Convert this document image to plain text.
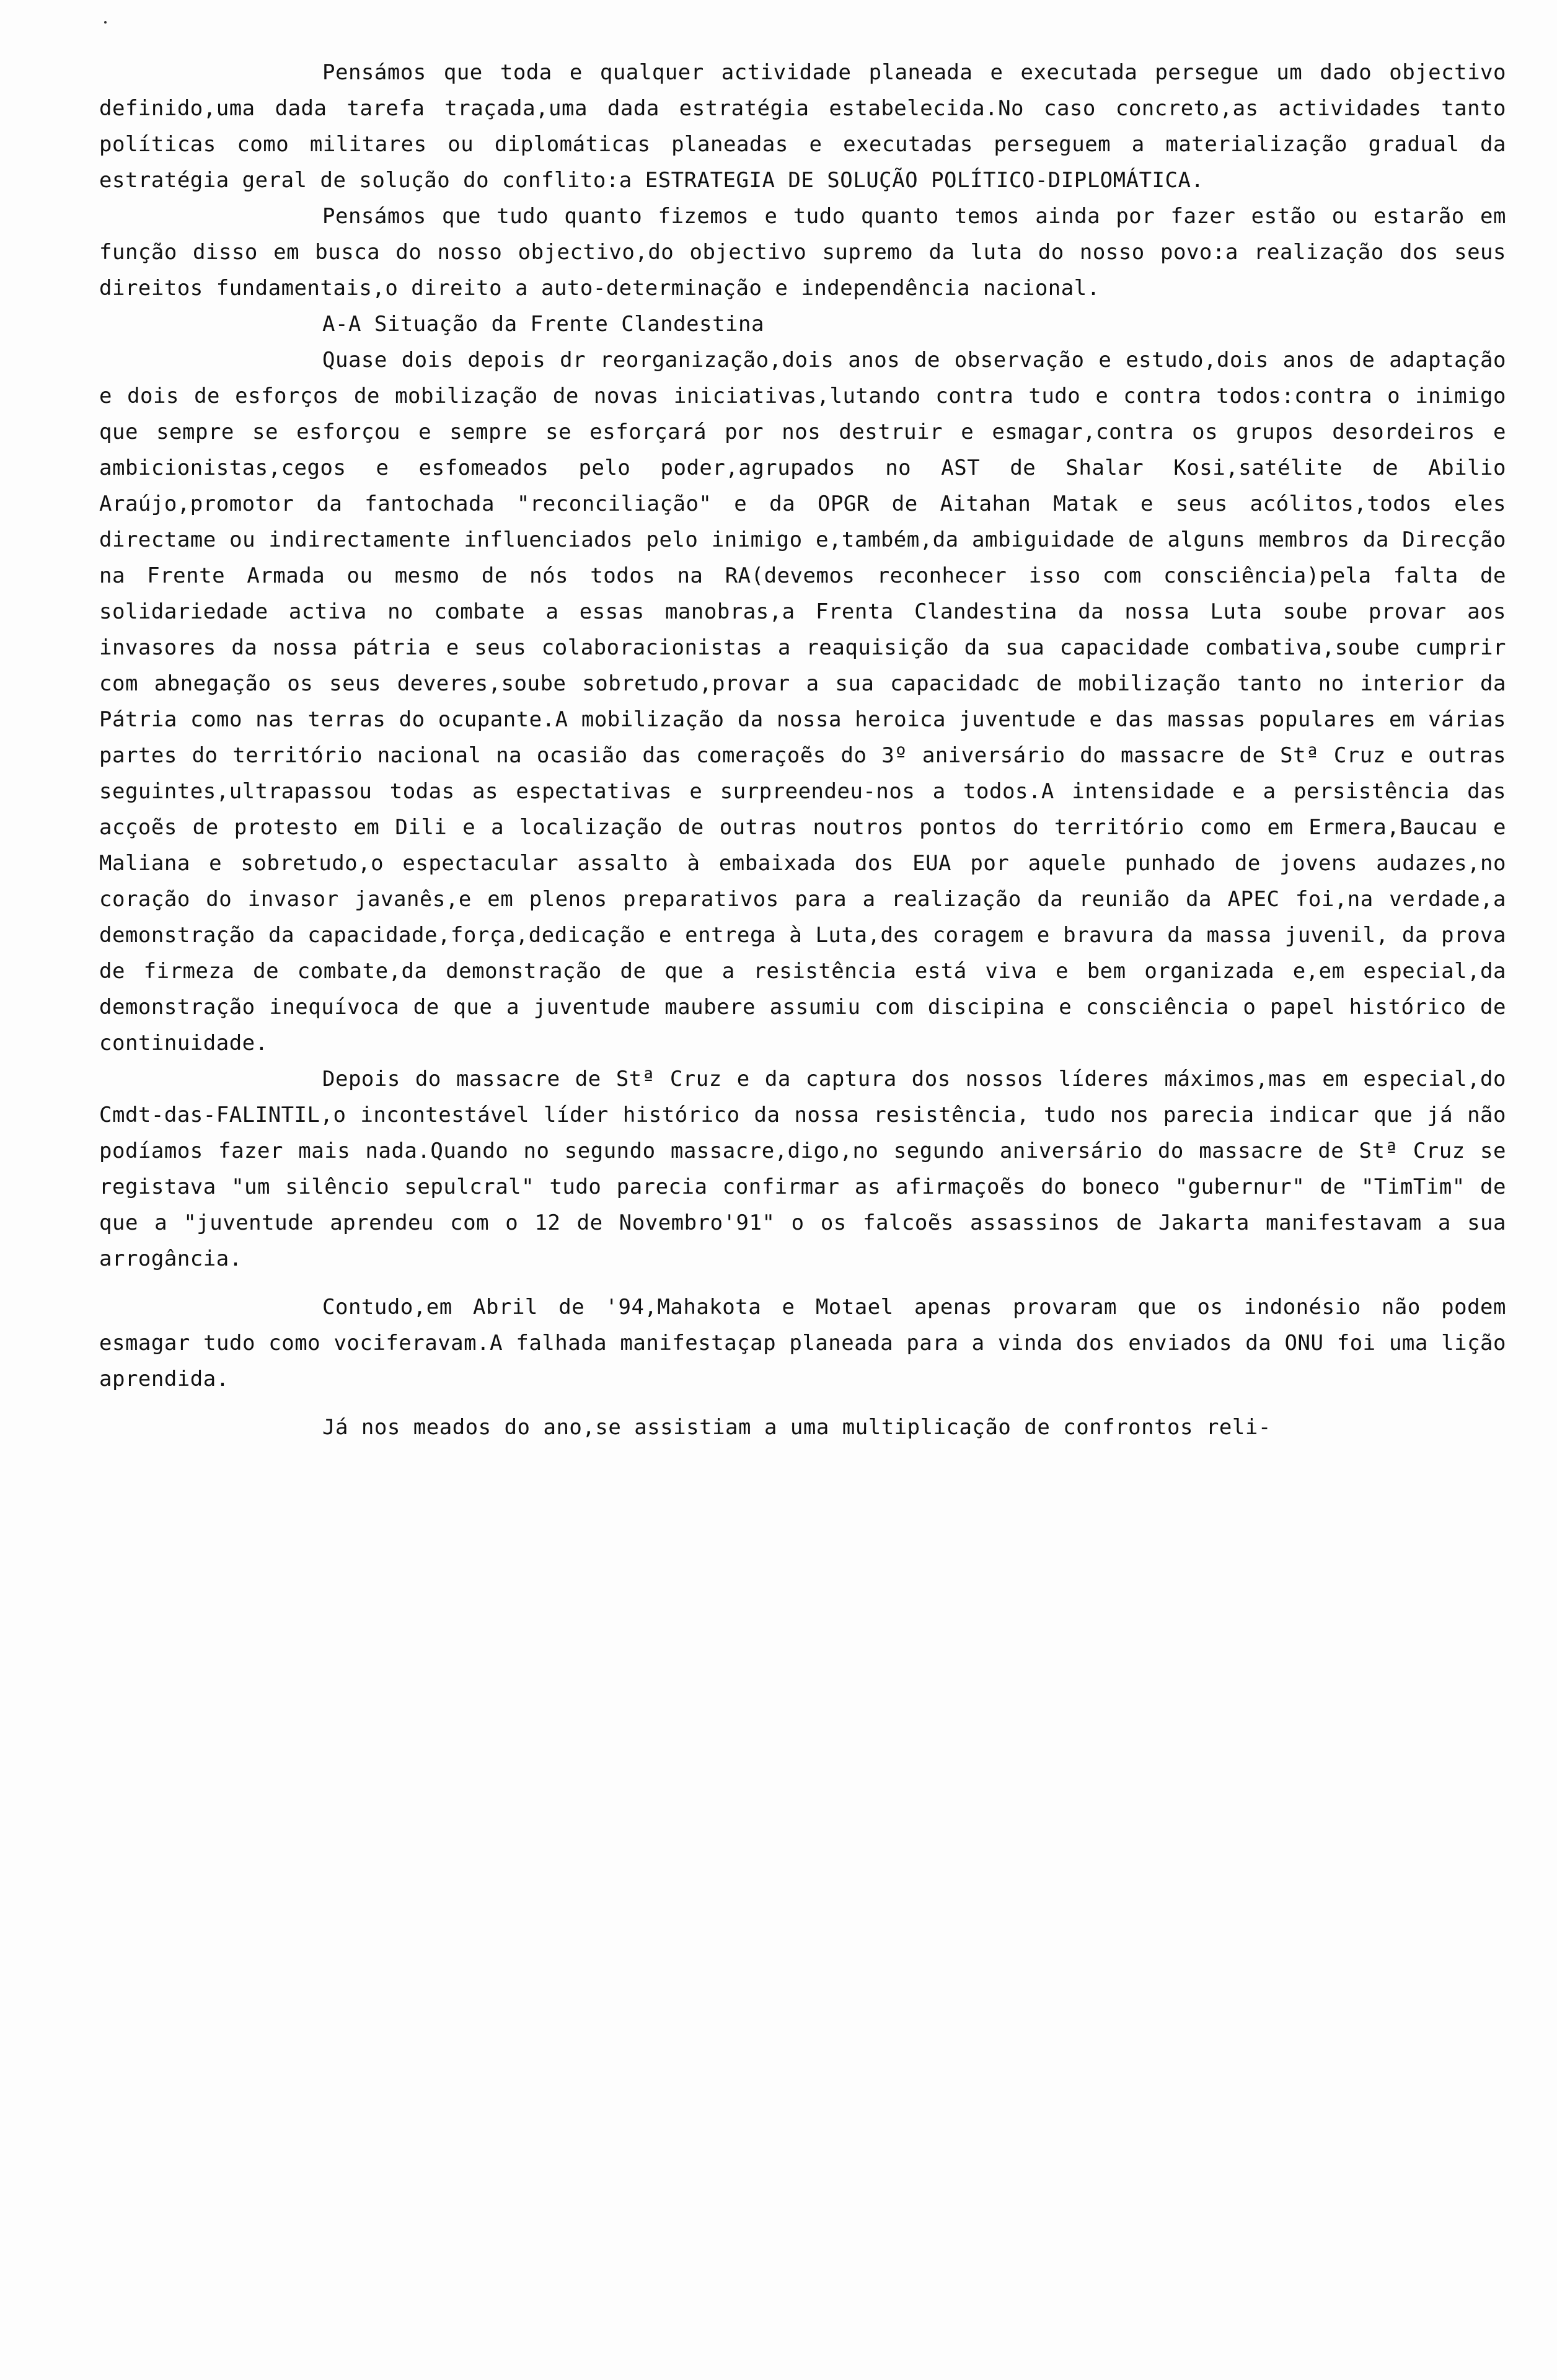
Pensámos que toda e qualquer actividade planeada e executada persegue um dado objectivo definido,uma dada tarefa traçada,uma dada estratégia estabelecida.No caso concreto,as actividades tanto políticas como militares ou diplomáticas planeadas e executadas perseguem a materialização gradual da estratégia geral de solução do conflito:a ESTRATEGIA DE SOLUÇÃO POLÍTICO-DIPLOMÁTICA.

Pensámos que tudo quanto fizemos e tudo quanto temos ainda por fazer estão ou estarão em função disso em busca do nosso objectivo,do objectivo supremo da luta do nosso povo:a realização dos seus direitos fundamentais,o direito a auto-determinação e independência nacional.

A-A Situação da Frente Clandestina

Quase dois depois dr reorganização,dois anos de observação e estudo,dois anos de adaptação e dois de esforços de mobilização de novas iniciativas,lutando contra tudo e contra todos:contra o inimigo que sempre se esforçou e sempre se esforçará por nos destruir e esmagar,contra os grupos desordeiros e ambicionistas,cegos e esfomeados pelo poder,agrupados no AST de Shalar Kosi,satélite de Abilio Araújo,promotor da fantochada "reconciliação" e da OPGR de Aitahan Matak e seus acólitos,todos eles directame ou indirectamente influenciados pelo inimigo e,também,da ambiguidade de alguns membros da Direcção na Frente Armada ou mesmo de nós todos na RA(devemos reconhecer isso com consciência)pela falta de solidariedade activa no combate a essas manobras,a Frenta Clandestina da nossa Luta soube provar aos invasores da nossa pátria e seus colaboracionistas a reaquisição da sua capacidade combativa,soube cumprir com abnegação os seus deveres,soube sobretudo,provar a sua capacidadc de mobilização tanto no interior da Pátria como nas terras do ocupante.A mobilização da nossa heroica juventude e das massas populares em várias partes do território nacional na ocasião das comeraçoẽs do 3º aniversário do massacre de Stª Cruz e outras seguintes,ultrapassou todas as espectativas e surpreendeu-nos a todos.A intensidade e a persistência das acçoẽs de protesto em Dili e a localização de outras noutros pontos do território como em Ermera,Baucau e Maliana e sobretudo,o espectacular assalto à embaixada dos EUA por aquele punhado de jovens audazes,no coração do invasor javanês,e em plenos preparativos para a realização da reunião da APEC foi,na verdade,a demonstração da capacidade,força,dedicação e entrega à Luta,des coragem e bravura da massa juvenil, da prova de firmeza de combate,da demonstração de que a resistência está viva e bem organizada e,em especial,da demonstração inequívoca de que a juventude maubere assumiu com discipina e consciência o papel histórico de continuidade.

Depois do massacre de Stª Cruz e da captura dos nossos líderes máximos,mas em especial,do Cmdt-das-FALINTIL,o incontestável líder histórico da nossa resistência, tudo nos parecia indicar que já não podíamos fazer mais nada.Quando no segundo massacre,digo,no segundo aniversário do massacre de Stª Cruz se registava "um silêncio sepulcral" tudo parecia confirmar as afirmaçoẽs do boneco "gubernur" de "TimTim" de que a "juventude aprendeu com o 12 de Novembro'91" o os falcoẽs assassinos de Jakarta manifestavam a sua arrogância.

Contudo,em Abril de '94,Mahakota e Motael apenas provaram que os indonésio não podem esmagar tudo como vociferavam.A falhada manifestaçap planeada para a vinda dos enviados da ONU foi uma lição aprendida.

Já nos meados do ano,se assistiam a uma multiplicação de confrontos reli-
